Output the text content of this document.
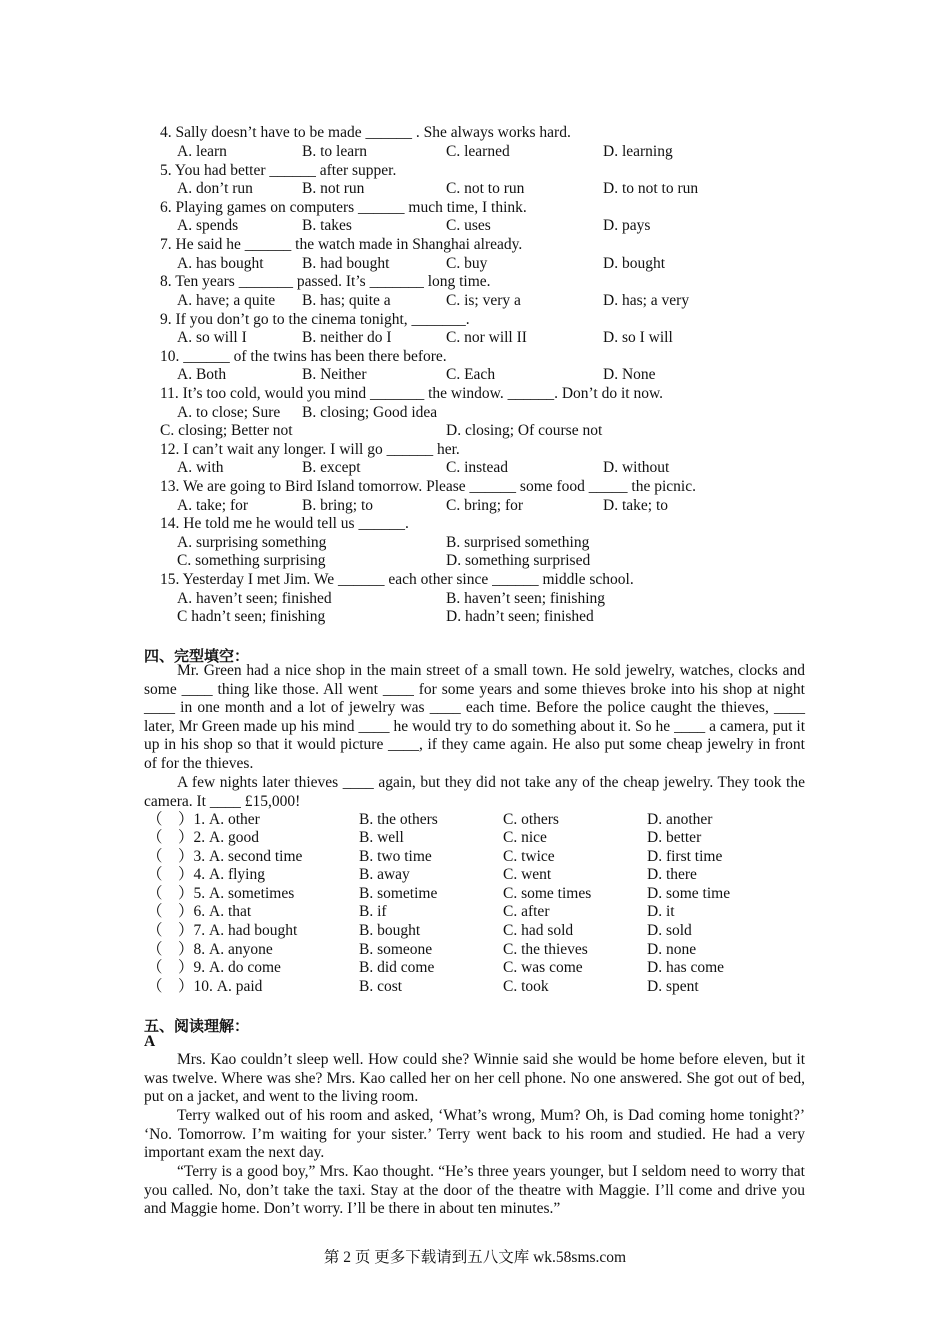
4. Sally doesn’t have to be made ______ . She always works hard.
A. learn	B. to learn	C. learned	D. learning
5. You had better ______ after supper.
A. don’t run	B. not run	C. not to run	D. to not to run
6. Playing games on computers ______ much time, I think.
A. spends	B. takes	C. uses	D. pays
7. He said he ______ the watch made in Shanghai already.
A. has bought B. had bought	C. buy	D. bought
8. Ten years _______ passed. It’s _______ long time.
A. have; a quite B. has; quite a	C. is; very a	D. has; a very
9. If you don’t go to the cinema tonight, _______.
A. so will I	B. neither do I	C. nor will II	D. so I will
10. ______ of the twins has been there before.
A. Both	B. Neither	C. Each	D. None
11. It’s too cold, would you mind _______ the window. ______. Don’t do it now.
A. to close; Sure B. closing; Good idea
C. closing; Better not	D. closing; Of course not
12. I can’t wait any longer. I will go ______ her.
A. with	B. except	C. instead	D. without
13. We are going to Bird Island tomorrow. Please ______ some food _____ the picnic.
A. take; for	B. bring; to	C. bring; for	D. take; to
14. He told me he would tell us ______.
A. surprising something	B. surprised something
C. something surprising	D. something surprised
15. Yesterday I met Jim. We ______ each other since ______ middle school.
A. haven’t seen; finished	B. haven’t seen; finishing
C hadn’t seen; finishing	D. hadn’t seen; finished
四、完型填空：
Mr. Green had a nice shop in the main street of a small town. He sold jewelry, watches, clocks and some ____ thing like those. All went ____ for some years and some thieves broke into his shop at night ____ in one month and a lot of jewelry was ____ each time. Before the police caught the thieves, ____ later, Mr Green made up his mind ____ he would try to do something about it. So he ____ a camera, put it up in his shop so that it would picture ____, if they came again. He also put some cheap jewelry in front of for the thieves.
A few nights later thieves ____ again, but they did not take any of the cheap jewelry. They took the camera. It ____ £15,000!
（　）1. A. other	B. the others	C. others	D. another
（　）2. A. good	B. well	C. nice	D. better
（　）3. A. second time	B. two time	C. twice	D. first time
（　）4. A. flying	B. away	C. went	D. there
（　）5. A. sometimes	B. sometime	C. some times	D. some time
（　）6. A. that	B. if	C. after	D. it
（　）7. A. had bought	B. bought	C. had sold	D. sold
（　）8. A. anyone	B. someone	C. the thieves	D. none
（　）9. A. do come	B. did come	C. was come	D. has come
（　）10. A. paid	B. cost	C. took	D. spent
五、阅读理解：
A
Mrs. Kao couldn’t sleep well. How could she? Winnie said she would be home before eleven, but it was twelve. Where was she? Mrs. Kao called her on her cell phone. No one answered. She got out of bed, put on a jacket, and went to the living room.
Terry walked out of his room and asked, ‘What’s wrong, Mum? Oh, is Dad coming home tonight?’ ‘No. Tomorrow. I’m waiting for your sister.’ Terry went back to his room and studied. He had a very important exam the next day.
“Terry is a good boy,” Mrs. Kao thought. “He’s three years younger, but I seldom need to worry that you called. No, don’t take the taxi. Stay at the door of the theatre with Maggie. I’ll come and drive you and Maggie home. Don’t worry. I’ll be there in about ten minutes.”
第 2 页 更多下载请到五八文库 wk.58sms.com
